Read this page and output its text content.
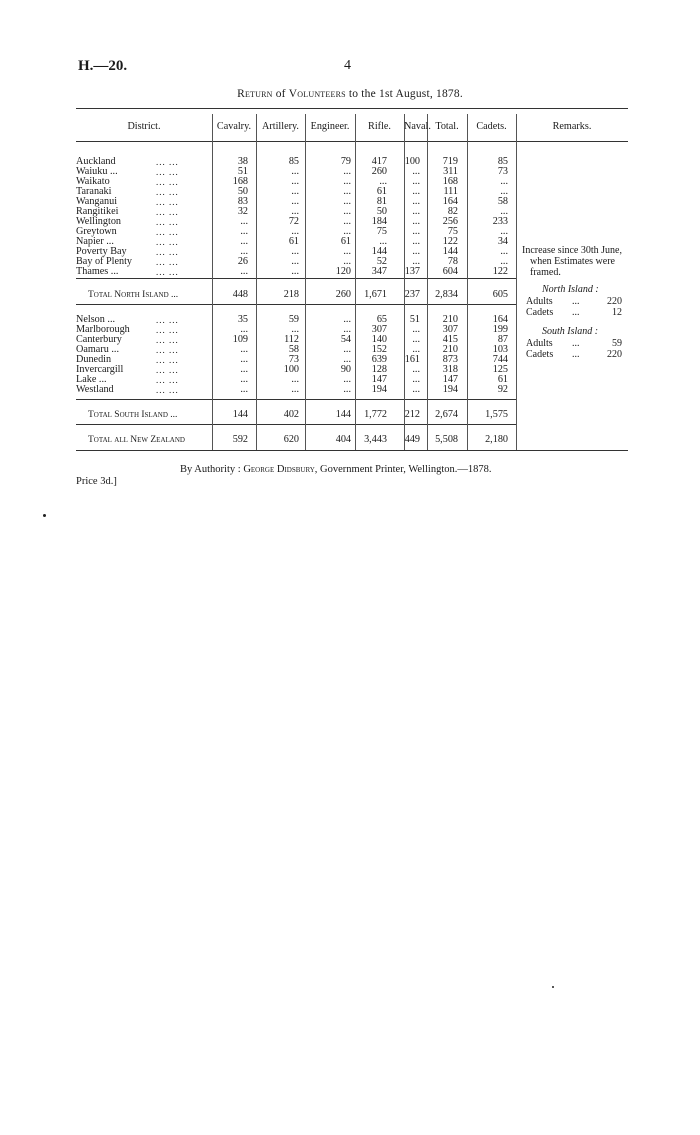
H.—20.	4
Return of Volunteers to the 1st August, 1878.
District.	Cavalry.	Artillery.	Engineer.	Rifle.	Naval. Total.	Cadets.	Remarks.
Auckland	... ...	38	85	79	417	100	719	85
Waiuku ...	... ...	51	...	...	260	...	311	73
Waikato	... ...	168	...	...	...	...	168	...
Taranaki	... ...	50	...	...	61	...	111	...
Wanganui	... ...	83	...	...	81	...	164	58
Rangitikei	... ...	32	...	...	50	...	82	...
Wellington	... ...	...	72	...	184	...	256	233
Greytown	... ...	...	...	...	75	...	75	...
Napier ...	... ...	...	61	61	...	...	122	34
Poverty Bay	... ...	...	...	...	144	...	144	...
Bay of Plenty	... ...	26	...	...	52	...	78	...
Thames ...	... ...	...	...	120	347	137	604	122
Nelson ...	... ...	35	59	...	65	51	210	164
Marlborough	... ...	...	...	...	307	...	307	199
Canterbury	... ...	109	112	54	140	...	415	87
Oamaru ...	... ...	...	58	...	152	...	210	103
Dunedin	... ...	...	73	...	639	161	873	744
Invercargill	... ...	...	100	90	128	...	318	125
Lake ...	... ...	...	...	...	147	...	147	61
Westland	... ...	...	...	...	194	...	194	92
Total North Island ...	448	218	260	1,671	237	2,834	605
Total South Island ...	144	402	144	1,772	212	2,674	1,575
Total all New Zealand	592	620	404	3,443	449	5,508	2,180
Increase since 30th June,
when Estimates were
framed.
North Island :
Adults ...	220
Cadets ...	12
South Island :
Adults ...	59
Cadets ...	220
By Authority : George Didsbury, Government Printer, Wellington.—1878.
Price 3d.]
